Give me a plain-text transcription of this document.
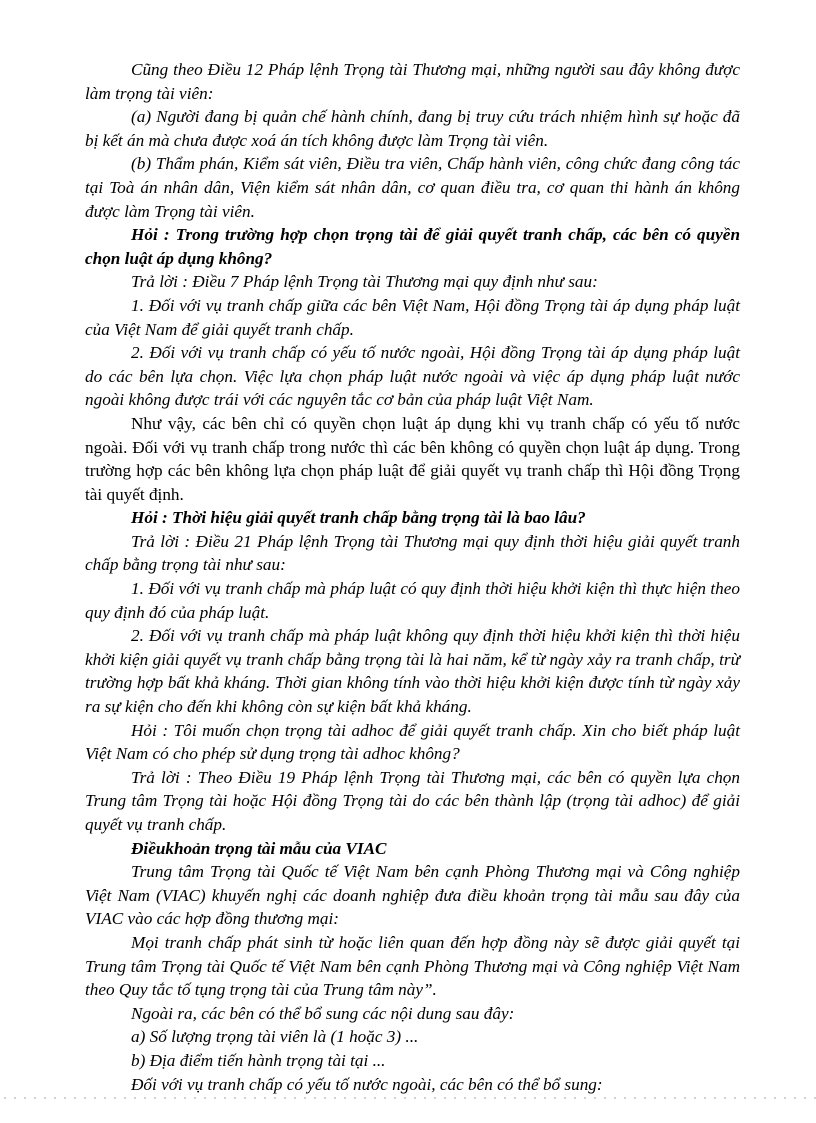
Cũng theo Điều 12 Pháp lệnh Trọng tài Thương mại, những người sau đây không được làm trọng tài viên:

(a) Người đang bị quản chế hành chính, đang bị truy cứu trách nhiệm hình sự hoặc đã bị kết án mà chưa được xoá án tích không được làm Trọng tài viên.

(b) Thẩm phán, Kiểm sát viên, Điều tra viên, Chấp hành viên, công chức đang công tác tại Toà án nhân dân, Viện kiểm sát nhân dân, cơ quan điều tra, cơ quan thi hành án không được làm Trọng tài viên.

Hỏi : Trong trường hợp chọn trọng tài để giải quyết tranh chấp, các bên có quyền chọn luật áp dụng không?

Trả lời : Điều 7 Pháp lệnh Trọng tài Thương mại quy định như sau:

1. Đối với vụ tranh chấp giữa các bên Việt Nam, Hội đồng Trọng tài áp dụng pháp luật của Việt Nam để giải quyết tranh chấp.

2. Đối với vụ tranh chấp có yếu tố nước ngoài, Hội đồng Trọng tài áp dụng pháp luật do các bên lựa chọn. Việc lựa chọn pháp luật nước ngoài và việc áp dụng pháp luật nước ngoài không được trái với các nguyên tắc cơ bản của pháp luật Việt Nam.

Như vậy, các bên chỉ có quyền chọn luật áp dụng khi vụ tranh chấp có yếu tố nước ngoài. Đối với vụ tranh chấp trong nước thì các bên không có quyền chọn luật áp dụng. Trong trường hợp các bên không lựa chọn pháp luật để giải quyết vụ tranh chấp thì Hội đồng Trọng tài quyết định.

Hỏi : Thời hiệu giải quyết tranh chấp bằng trọng tài là bao lâu?

Trả lời : Điều 21 Pháp lệnh Trọng tài Thương mại quy định thời hiệu giải quyết tranh chấp bằng trọng tài như sau:

1. Đối với vụ tranh chấp mà pháp luật có quy định thời hiệu khởi kiện thì thực hiện theo quy định đó của pháp luật.

2. Đối với vụ tranh chấp mà pháp luật không quy định thời hiệu khởi kiện thì thời hiệu khởi kiện giải quyết vụ tranh chấp bằng trọng tài là hai năm, kể từ ngày xảy ra tranh chấp, trừ trường hợp bất khả kháng. Thời gian không tính vào thời hiệu khởi kiện được tính từ ngày xảy ra sự kiện cho đến khi không còn sự kiện bất khả kháng.

Hỏi : Tôi muốn chọn trọng tài adhoc để giải quyết tranh chấp. Xin cho biết pháp luật Việt Nam có cho phép sử dụng trọng tài adhoc không?

Trả lời : Theo Điều 19 Pháp lệnh Trọng tài Thương mại, các bên có quyền lựa chọn Trung tâm Trọng tài hoặc Hội đồng Trọng tài do các bên thành lập (trọng tài adhoc) để giải quyết vụ tranh chấp.

Điềukhoản trọng tài mẫu của VIAC

Trung tâm Trọng tài Quốc tế Việt Nam bên cạnh Phòng Thương mại và Công nghiệp Việt Nam (VIAC) khuyến nghị các doanh nghiệp đưa điều khoản trọng tài mẫu sau đây của VIAC vào các hợp đồng thương mại:

Mọi tranh chấp phát sinh từ hoặc liên quan đến hợp đồng này sẽ được giải quyết tại Trung tâm Trọng tài Quốc tế Việt Nam bên cạnh Phòng Thương mại và Công nghiệp Việt Nam theo Quy tắc tố tụng trọng tài của Trung tâm này”.

Ngoài ra, các bên có thể bổ sung các nội dung sau đây:

a) Số lượng trọng tài viên là (1 hoặc 3) ...

b) Địa điểm tiến hành trọng tài tại ...

Đối với vụ tranh chấp có yếu tố nước ngoài, các bên có thể bổ sung:
